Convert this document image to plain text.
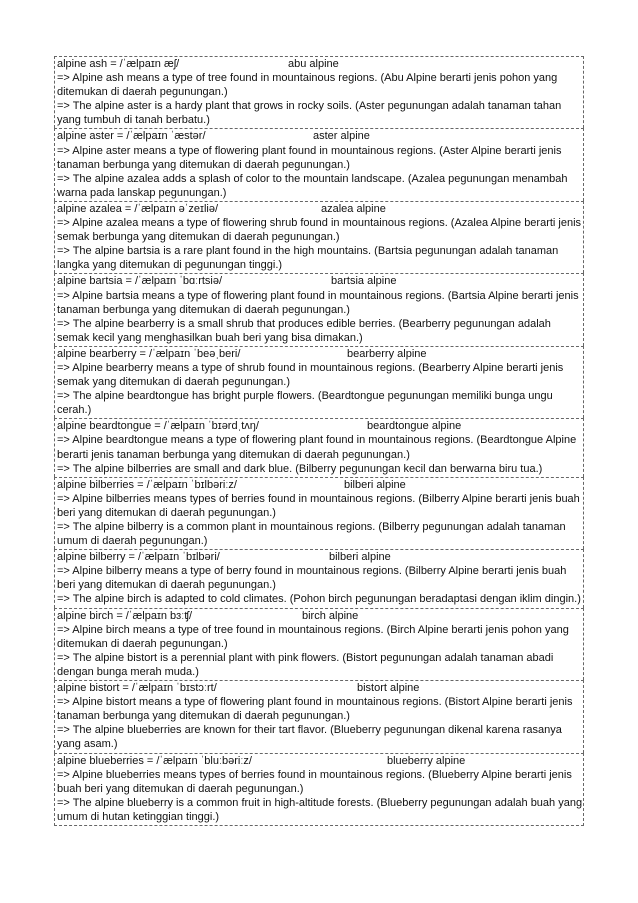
alpine ash = /ˈælpaɪn æʃ/	abu alpine
=> Alpine ash means a type of tree found in mountainous regions. (Abu Alpine berarti jenis pohon yang ditemukan di daerah pegunungan.)
=> The alpine aster is a hardy plant that grows in rocky soils. (Aster pegunungan adalah tanaman tahan yang tumbuh di tanah berbatu.)
alpine aster = /ˈælpaɪn ˈæstər/	aster alpine
=> Alpine aster means a type of flowering plant found in mountainous regions. (Aster Alpine berarti jenis tanaman berbunga yang ditemukan di daerah pegunungan.)
=> The alpine azalea adds a splash of color to the mountain landscape. (Azalea pegunungan menambah warna pada lanskap pegunungan.)
alpine azalea = /ˈælpaɪn əˈzeɪliə/	azalea alpine
=> Alpine azalea means a type of flowering shrub found in mountainous regions. (Azalea Alpine berarti jenis semak berbunga yang ditemukan di daerah pegunungan.)
=> The alpine bartsia is a rare plant found in the high mountains. (Bartsia pegunungan adalah tanaman langka yang ditemukan di pegunungan tinggi.)
alpine bartsia = /ˈælpaɪn ˈbɑːrtsiə/	bartsia alpine
=> Alpine bartsia means a type of flowering plant found in mountainous regions. (Bartsia Alpine berarti jenis tanaman berbunga yang ditemukan di daerah pegunungan.)
=> The alpine bearberry is a small shrub that produces edible berries. (Bearberry pegunungan adalah semak kecil yang menghasilkan buah beri yang bisa dimakan.)
alpine bearberry = /ˈælpaɪn ˈbeəˌberi/	bearberry alpine
=> Alpine bearberry means a type of shrub found in mountainous regions. (Bearberry Alpine berarti jenis semak yang ditemukan di daerah pegunungan.)
=> The alpine beardtongue has bright purple flowers. (Beardtongue pegunungan memiliki bunga ungu cerah.)
alpine beardtongue = /ˈælpaɪn ˈbɪərdˌtʌŋ/	beardtongue alpine
=> Alpine beardtongue means a type of flowering plant found in mountainous regions. (Beardtongue Alpine berarti jenis tanaman berbunga yang ditemukan di daerah pegunungan.)
=> The alpine bilberries are small and dark blue. (Bilberry pegunungan kecil dan berwarna biru tua.)
alpine bilberries = /ˈælpaɪn ˈbɪlbəriːz/	bilberi alpine
=> Alpine bilberries means types of berries found in mountainous regions. (Bilberry Alpine berarti jenis buah beri yang ditemukan di daerah pegunungan.)
=> The alpine bilberry is a common plant in mountainous regions. (Bilberry pegunungan adalah tanaman umum di daerah pegunungan.)
alpine bilberry = /ˈælpaɪn ˈbɪlbəri/	bilberi alpine
=> Alpine bilberry means a type of berry found in mountainous regions. (Bilberry Alpine berarti jenis buah beri yang ditemukan di daerah pegunungan.)
=> The alpine birch is adapted to cold climates. (Pohon birch pegunungan beradaptasi dengan iklim dingin.)
alpine birch = /ˈælpaɪn bɜːʧ/	birch alpine
=> Alpine birch means a type of tree found in mountainous regions. (Birch Alpine berarti jenis pohon yang ditemukan di daerah pegunungan.)
=> The alpine bistort is a perennial plant with pink flowers. (Bistort pegunungan adalah tanaman abadi dengan bunga merah muda.)
alpine bistort = /ˈælpaɪn ˈbɪstɔːrt/	bistort alpine
=> Alpine bistort means a type of flowering plant found in mountainous regions. (Bistort Alpine berarti jenis tanaman berbunga yang ditemukan di daerah pegunungan.)
=> The alpine blueberries are known for their tart flavor. (Blueberry pegunungan dikenal karena rasanya yang asam.)
alpine blueberries = /ˈælpaɪn ˈbluːbəriːz/	blueberry alpine
=> Alpine blueberries means types of berries found in mountainous regions. (Blueberry Alpine berarti jenis buah beri yang ditemukan di daerah pegunungan.)
=> The alpine blueberry is a common fruit in high-altitude forests. (Blueberry pegunungan adalah buah yang umum di hutan ketinggian tinggi.)
